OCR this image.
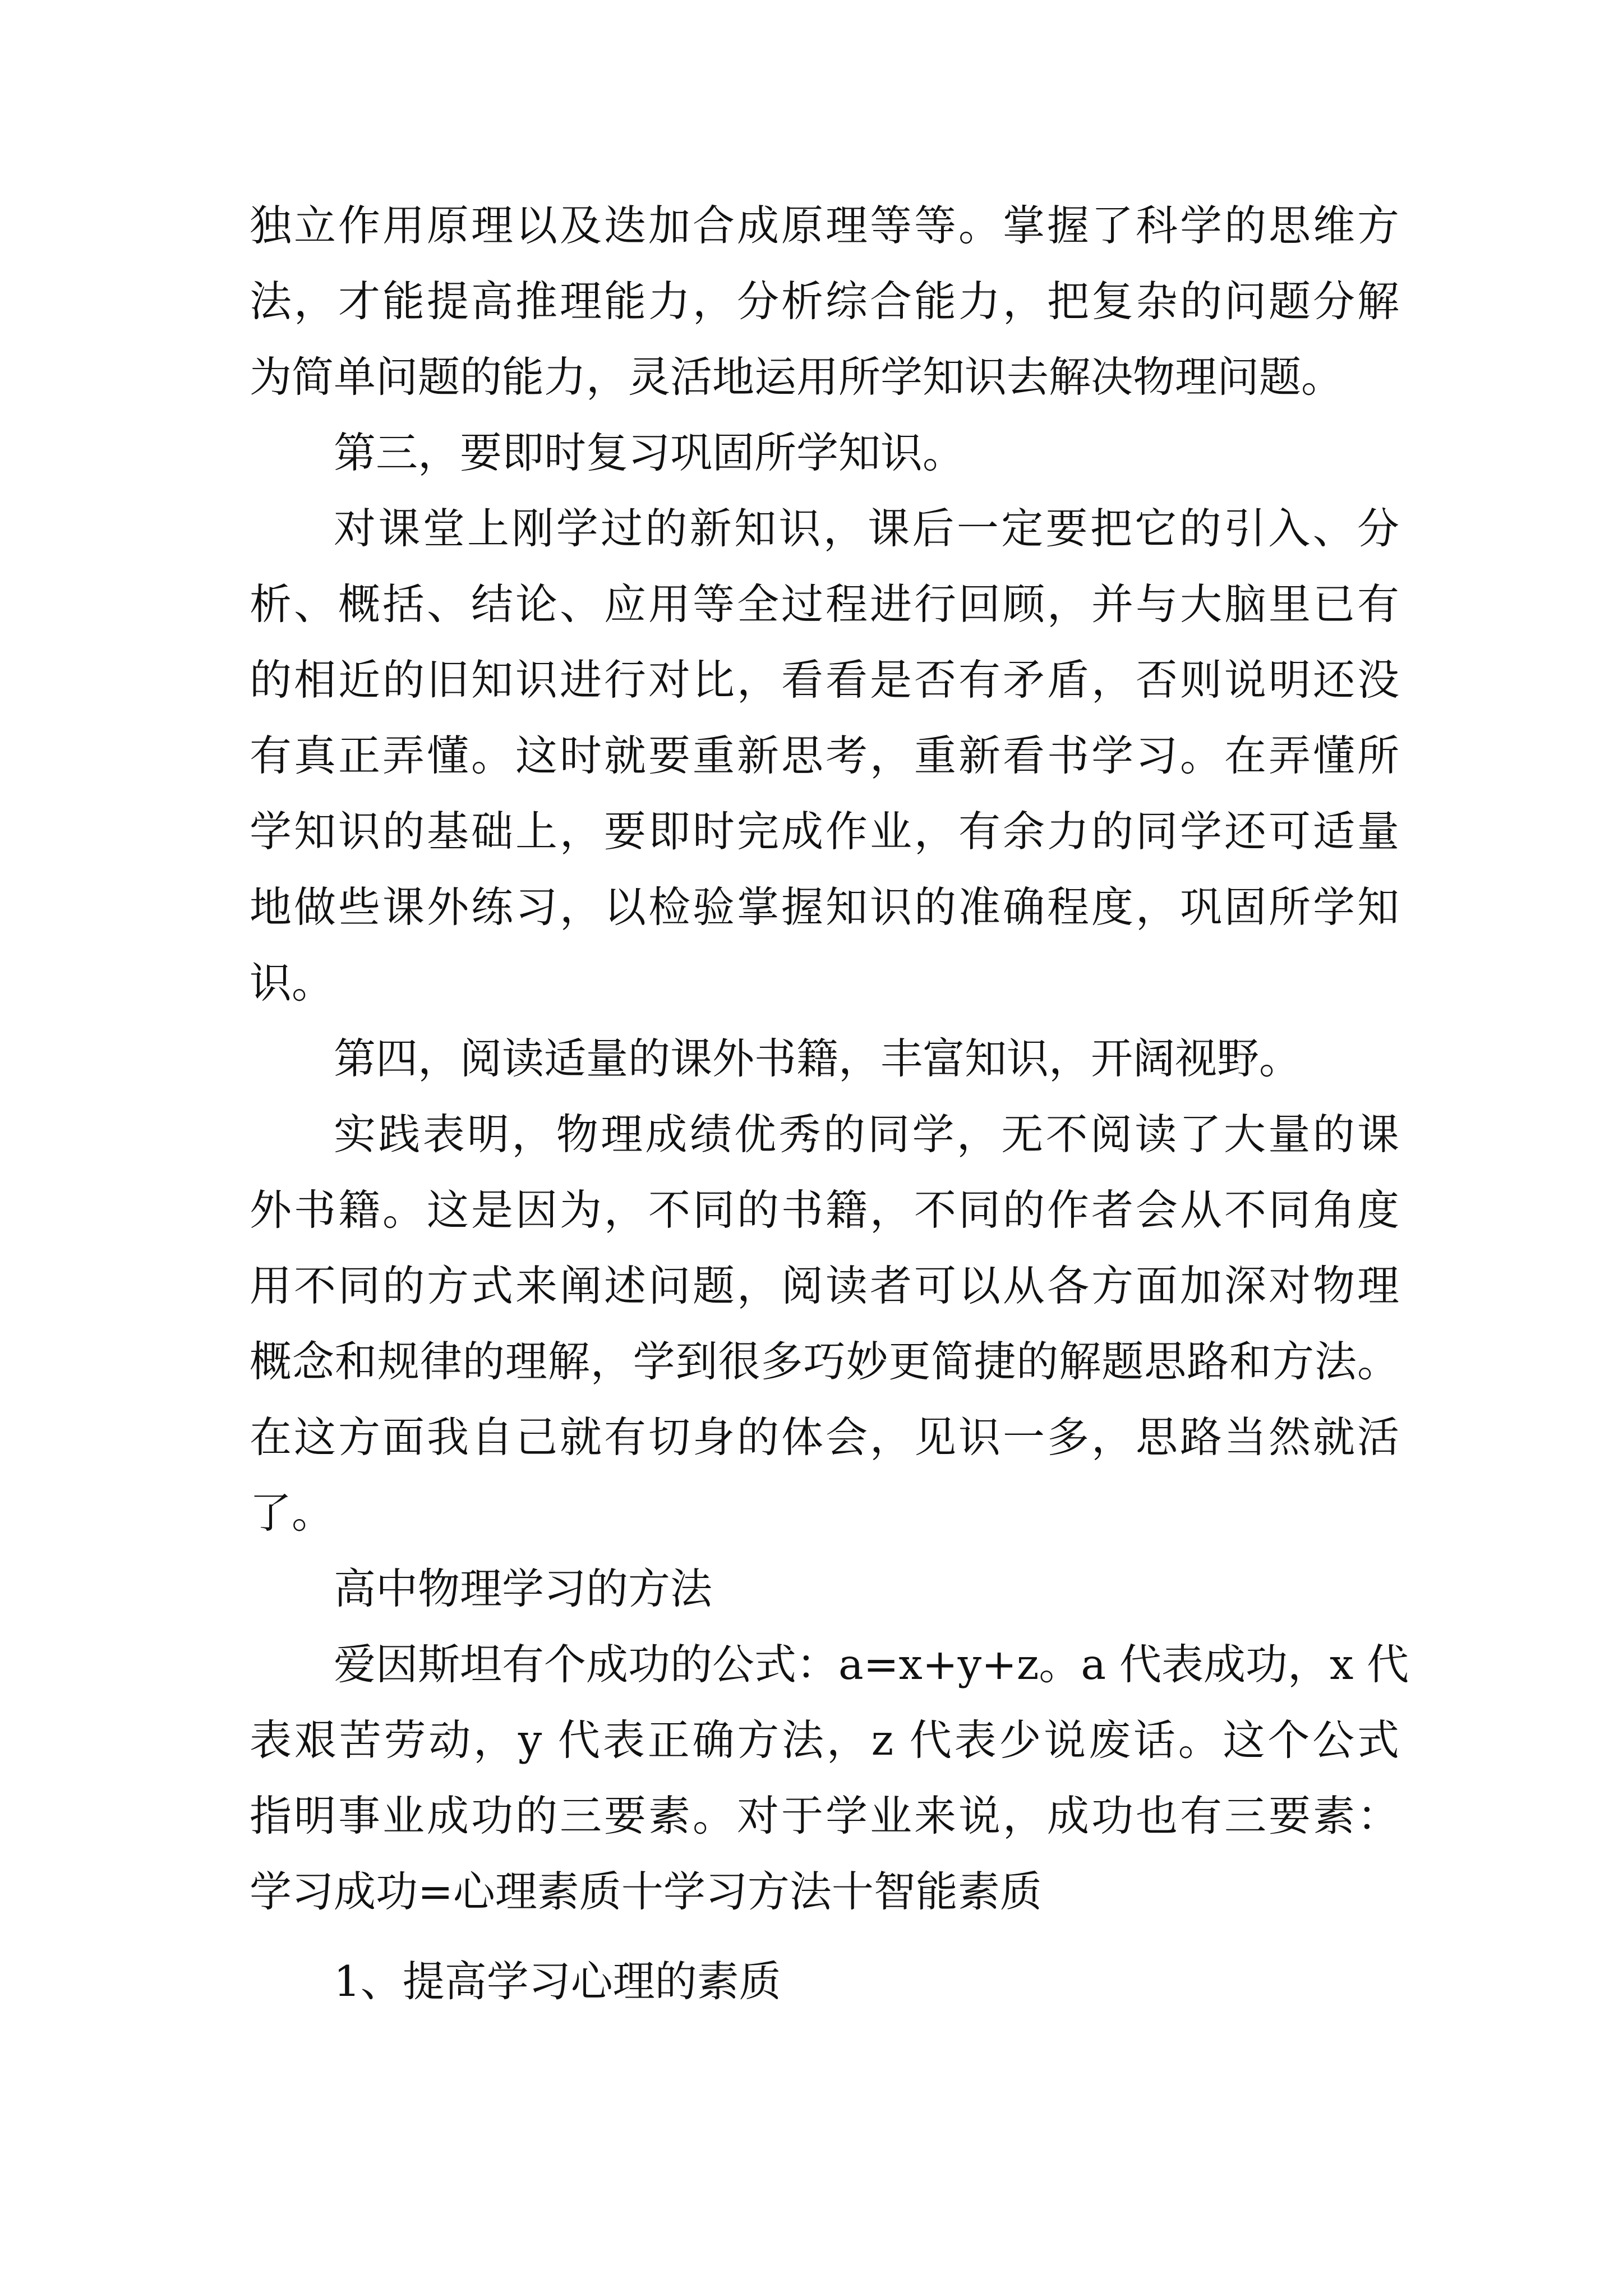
独立作用原理以及迭加合成原理等等。掌握了科学的思维方
法，才能提高推理能力，分析综合能力，把复杂的问题分解
为简单问题的能力，灵活地运用所学知识去解决物理问题。
第三，要即时复习巩固所学知识。
对课堂上刚学过的新知识，课后一定要把它的引入、分
析、概括、结论、应用等全过程进行回顾，并与大脑里已有
的相近的旧知识进行对比，看看是否有矛盾，否则说明还没
有真正弄懂。这时就要重新思考，重新看书学习。在弄懂所
学知识的基础上，要即时完成作业，有余力的同学还可适量
地做些课外练习，以检验掌握知识的准确程度，巩固所学知
识。
第四，阅读适量的课外书籍，丰富知识，开阔视野。
实践表明，物理成绩优秀的同学，无不阅读了大量的课
外书籍。这是因为，不同的书籍，不同的作者会从不同角度
用不同的方式来阐述问题，阅读者可以从各方面加深对物理
概念和规律的理解，学到很多巧妙更简捷的解题思路和方法。
在这方面我自己就有切身的体会，见识一多，思路当然就活
了。
高中物理学习的方法
爱因斯坦有个成功的公式：a=x+y+z。a 代表成功，x 代
表艰苦劳动，y 代表正确方法，z 代表少说废话。这个公式
指明事业成功的三要素。对于学业来说，成功也有三要素：
学习成功=心理素质十学习方法十智能素质
1、提高学习心理的素质
